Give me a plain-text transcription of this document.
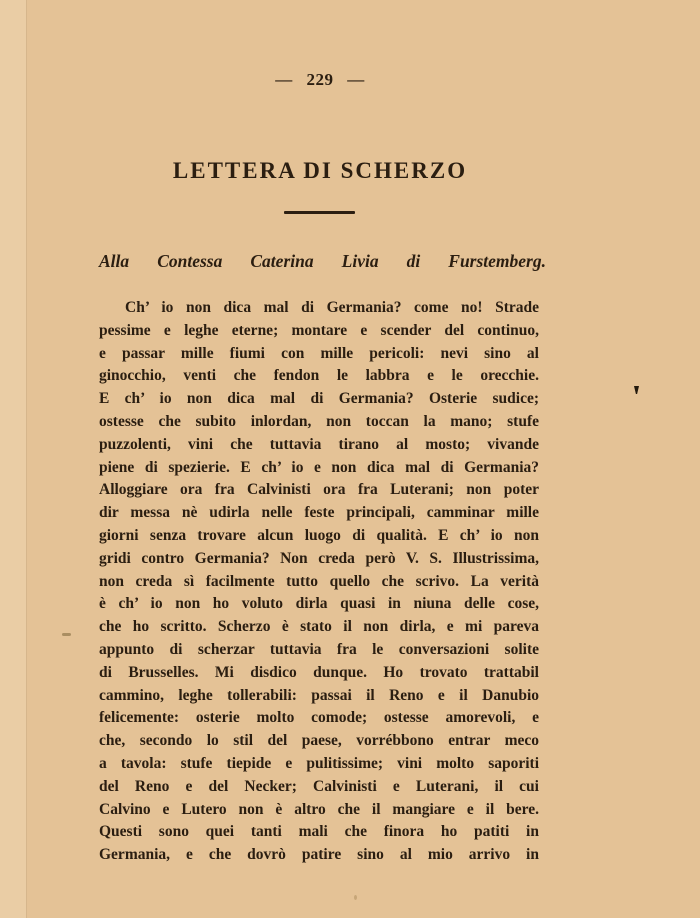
— 229 —
LETTERA DI SCHERZO
Alla Contessa Caterina Livia di Furstemberg.
Ch’ io non dica mal di Germania? come no! Strade
pessime e leghe eterne; montare e scender del continuo,
e passar mille fiumi con mille pericoli: nevi sino al
ginocchio, venti che fendon le labbra e le orecchie.
E ch’ io non dica mal di Germania? Osterie sudice;
ostesse che subito inlordan, non toccan la mano; stufe
puzzolenti, vini che tuttavia tirano al mosto; vivande
piene di spezierie. E ch’ io e non dica mal di Germania?
Alloggiare ora fra Calvinisti ora fra Luterani; non poter
dir messa nè udirla nelle feste principali, camminar mille
giorni senza trovare alcun luogo di qualità. E ch’ io non
gridi contro Germania? Non creda però V. S. Illustrissima,
non creda sì facilmente tutto quello che scrivo. La verità
è ch’ io non ho voluto dirla quasi in niuna delle cose,
che ho scritto. Scherzo è stato il non dirla, e mi pareva
appunto di scherzar tuttavia fra le conversazioni solite
di Brusselles. Mi disdico dunque. Ho trovato trattabil
cammino, leghe tollerabili: passai il Reno e il Danubio
felicemente: osterie molto comode; ostesse amorevoli, e
che, secondo lo stil del paese, vorrébbono entrar meco
a tavola: stufe tiepide e pulitissime; vini molto saporiti
del Reno e del Necker; Calvinisti e Luterani, il cui
Calvino e Lutero non è altro che il mangiare e il bere.
Questi sono quei tanti mali che finora ho patiti in
Germania, e che dovrò patire sino al mio arrivo in
